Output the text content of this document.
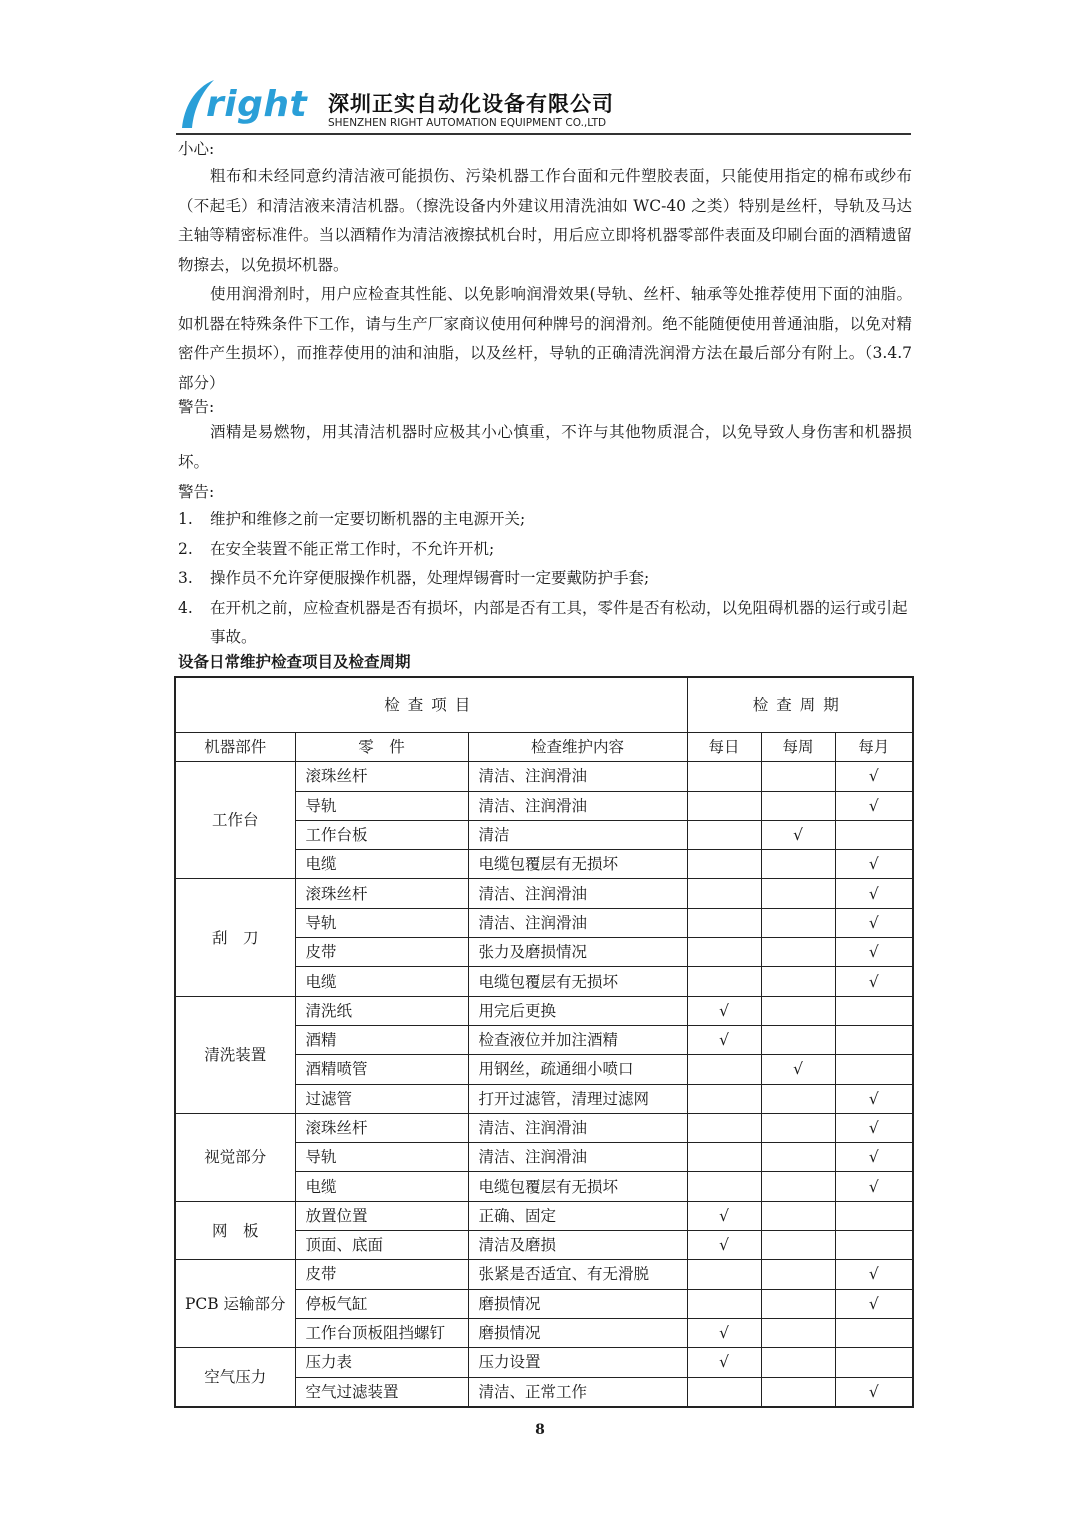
right 深圳正实自动化设备有限公司
SHENZHEN RIGHT AUTOMATION EQUIPMENT CO.,LTD
小心:

粗布和未经同意约清洁液可能损伤、污染机器工作台面和元件塑胶表面，只能使用指定的棉布或纱布（不起毛）和清洁液来清洁机器。（擦洗设备内外建议用清洗油如 WC-40 之类）特别是丝杆，导轨及马达主轴等精密标准件。当以酒精作为清洁液擦拭机台时，用后应立即将机器零部件表面及印刷台面的酒精遗留物擦去，以免损坏机器。

使用润滑剂时，用户应检查其性能、以免影响润滑效果(导轨、丝杆、轴承等处推荐使用下面的油脂。如机器在特殊条件下工作，请与生产厂家商议使用何种牌号的润滑剂。绝不能随便使用普通油脂，以免对精密件产生损坏），而推荐使用的油和油脂，以及丝杆，导轨的正确清洗润滑方法在最后部分有附上。（3.4.7 部分）

警告:

酒精是易燃物，用其清洁机器时应极其小心慎重，不许与其他物质混合，以免导致人身伤害和机器损坏。

警告:
1. 维护和维修之前一定要切断机器的主电源开关;
2. 在安全装置不能正常工作时，不允许开机;
3. 操作员不允许穿便服操作机器，处理焊锡膏时一定要戴防护手套;
4. 在开机之前，应检查机器是否有损坏，内部是否有工具，零件是否有松动，以免阻碍机器的运行或引起事故。
设备日常维护检查项目及检查周期
检查项目			检查周期		
机器部件	零　件	检查维护内容	每日	每周	每月
工作台	滚珠丝杆	清洁、注润滑油			√
	导轨	清洁、注润滑油			√
	工作台板	清洁		√	
	电缆	电缆包覆层有无损坏			√
刮　刀	滚珠丝杆	清洁、注润滑油			√
	导轨	清洁、注润滑油			√
	皮带	张力及磨损情况			√
	电缆	电缆包覆层有无损坏			√
清洗装置	清洗纸	用完后更换	√		
	酒精	检查液位并加注酒精	√		
	酒精喷管	用钢丝，疏通细小喷口		√	
	过滤管	打开过滤管，清理过滤网			√
视觉部分	滚珠丝杆	清洁、注润滑油			√
	导轨	清洁、注润滑油			√
	电缆	电缆包覆层有无损坏			√
网　板	放置位置	正确、固定	√		
	顶面、底面	清洁及磨损	√		
PCB 运输部分	皮带	张紧是否适宜、有无滑脱			√
	停板气缸	磨损情况			√
	工作台顶板阻挡螺钉	磨损情况	√		
空气压力	压力表	压力设置	√		
	空气过滤装置	清洁、正常工作			√
8
